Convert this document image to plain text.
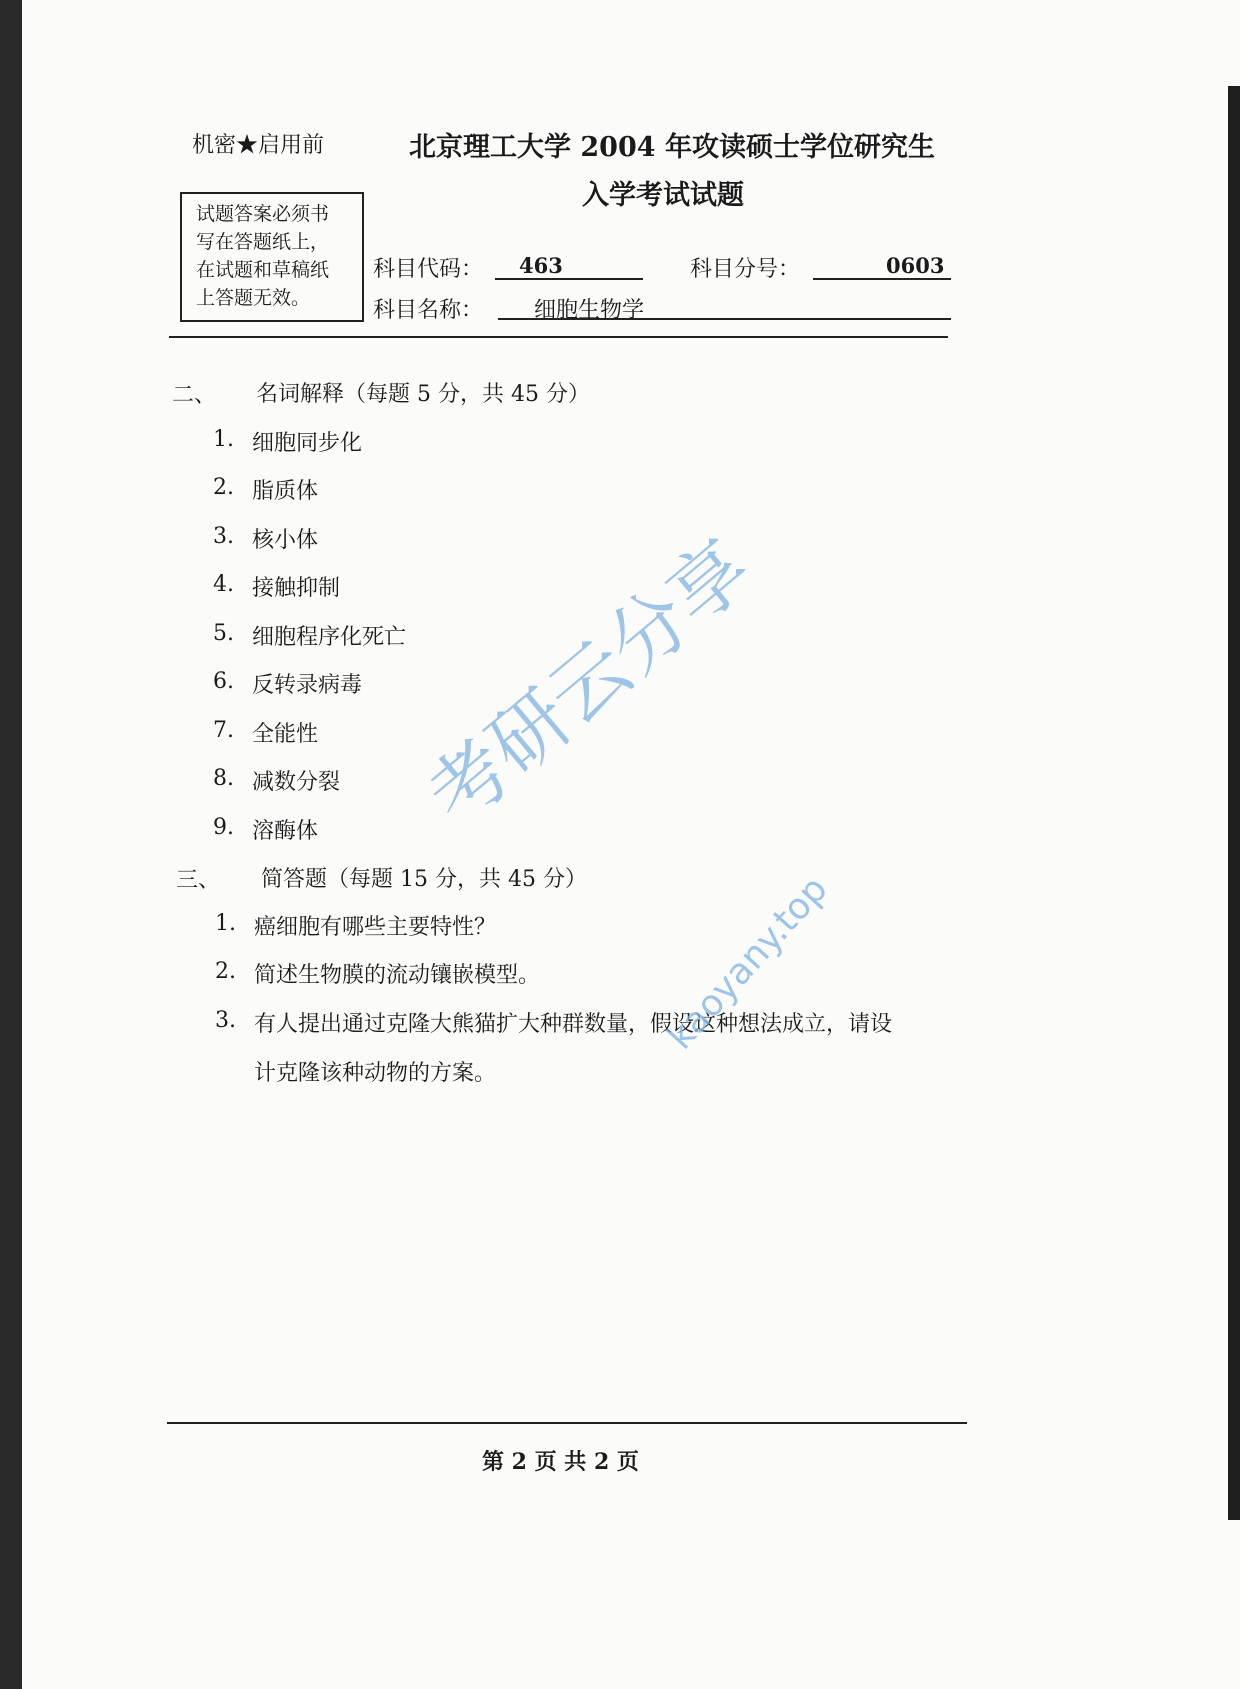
机密★启用前	北京理工大学 2004 年攻读硕士学位研究生
入学考试试题
试题答案必须书
写在答题纸上，
在试题和草稿纸
上答题无效。
科目代码： 463	科目分号：	0603
科目名称： 细胞生物学
二、 名词解释（每题 5 分，共 45 分）
1. 细胞同步化
2. 脂质体
3. 核小体
4. 接触抑制
5. 细胞程序化死亡
6. 反转录病毒
7. 全能性
8. 减数分裂
9. 溶酶体
三、 简答题（每题 15 分，共 45 分）
1. 癌细胞有哪些主要特性？
2. 简述生物膜的流动镶嵌模型。
3. 有人提出通过克隆大熊猫扩大种群数量，假设这种想法成立，请设
计克隆该种动物的方案。
考研云分享
kaoyany.top
第 2 页 共 2 页
